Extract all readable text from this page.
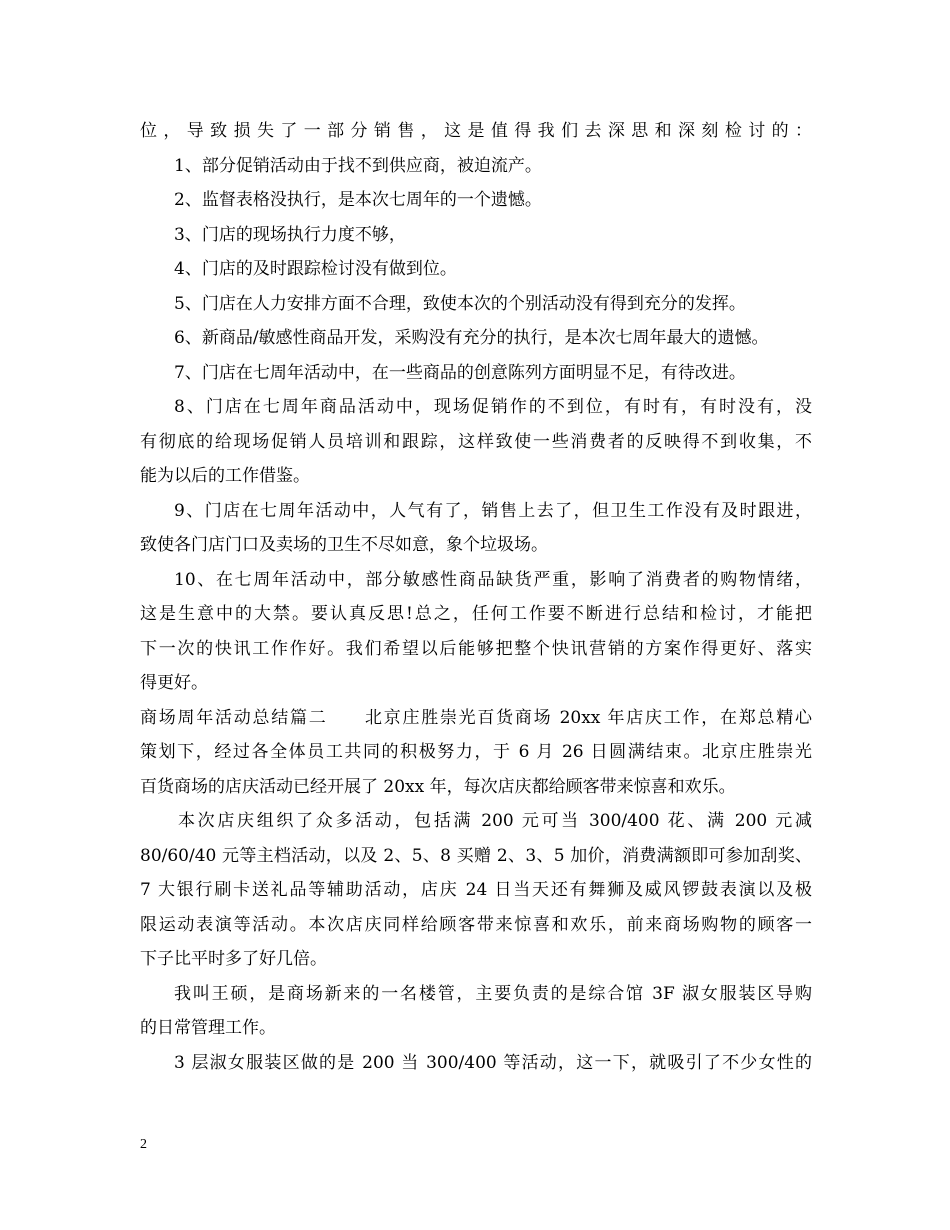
位，导致损失了一部分销售，这是值得我们去深思和深刻检讨的：
1、部分促销活动由于找不到供应商，被迫流产。
2、监督表格没执行，是本次七周年的一个遗憾。
3、门店的现场执行力度不够，
4、门店的及时跟踪检讨没有做到位。
5、门店在人力安排方面不合理，致使本次的个别活动没有得到充分的发挥。
6、新商品/敏感性商品开发，采购没有充分的执行，是本次七周年最大的遗憾。
7、门店在七周年活动中，在一些商品的创意陈列方面明显不足，有待改进。
8、门店在七周年商品活动中，现场促销作的不到位，有时有，有时没有，没
有彻底的给现场促销人员培训和跟踪，这样致使一些消费者的反映得不到收集，不
能为以后的工作借鉴。
9、门店在七周年活动中，人气有了，销售上去了，但卫生工作没有及时跟进，
致使各门店门口及卖场的卫生不尽如意，象个垃圾场。
10、在七周年活动中，部分敏感性商品缺货严重，影响了消费者的购物情绪，
这是生意中的大禁。要认真反思!总之，任何工作要不断进行总结和检讨，才能把
下一次的快讯工作作好。我们希望以后能够把整个快讯营销的方案作得更好、落实
得更好。
商场周年活动总结篇二　　北京庄胜崇光百货商场 20xx 年店庆工作，在郑总精心
策划下，经过各全体员工共同的积极努力，于 6 月 26 日圆满结束。北京庄胜崇光
百货商场的店庆活动已经开展了 20xx 年，每次店庆都给顾客带来惊喜和欢乐。
本次店庆组织了众多活动，包括满 200 元可当 300/400 花、满 200 元减
80/60/40 元等主档活动，以及 2、5、8 买赠 2、3、5 加价，消费满额即可参加刮奖、
7 大银行刷卡送礼品等辅助活动，店庆 24 日当天还有舞狮及威风锣鼓表演以及极
限运动表演等活动。本次店庆同样给顾客带来惊喜和欢乐，前来商场购物的顾客一
下子比平时多了好几倍。
我叫王硕，是商场新来的一名楼管，主要负责的是综合馆 3F 淑女服装区导购
的日常管理工作。
3 层淑女服装区做的是 200 当 300/400 等活动，这一下，就吸引了不少女性的
2
